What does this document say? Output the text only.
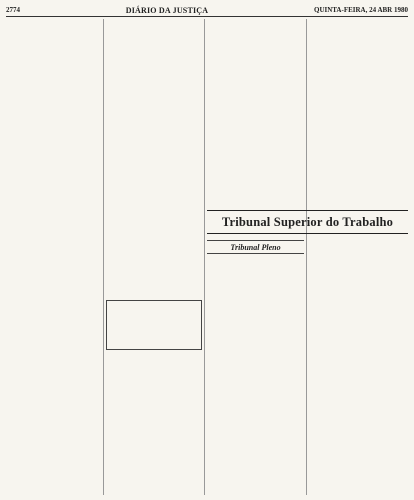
2774	DIÁRIO DA JUSTIÇA	QUINTA-FEIRA, 24 ABR 1980

Tribunal Superior do Trabalho
Tribunal Pleno
